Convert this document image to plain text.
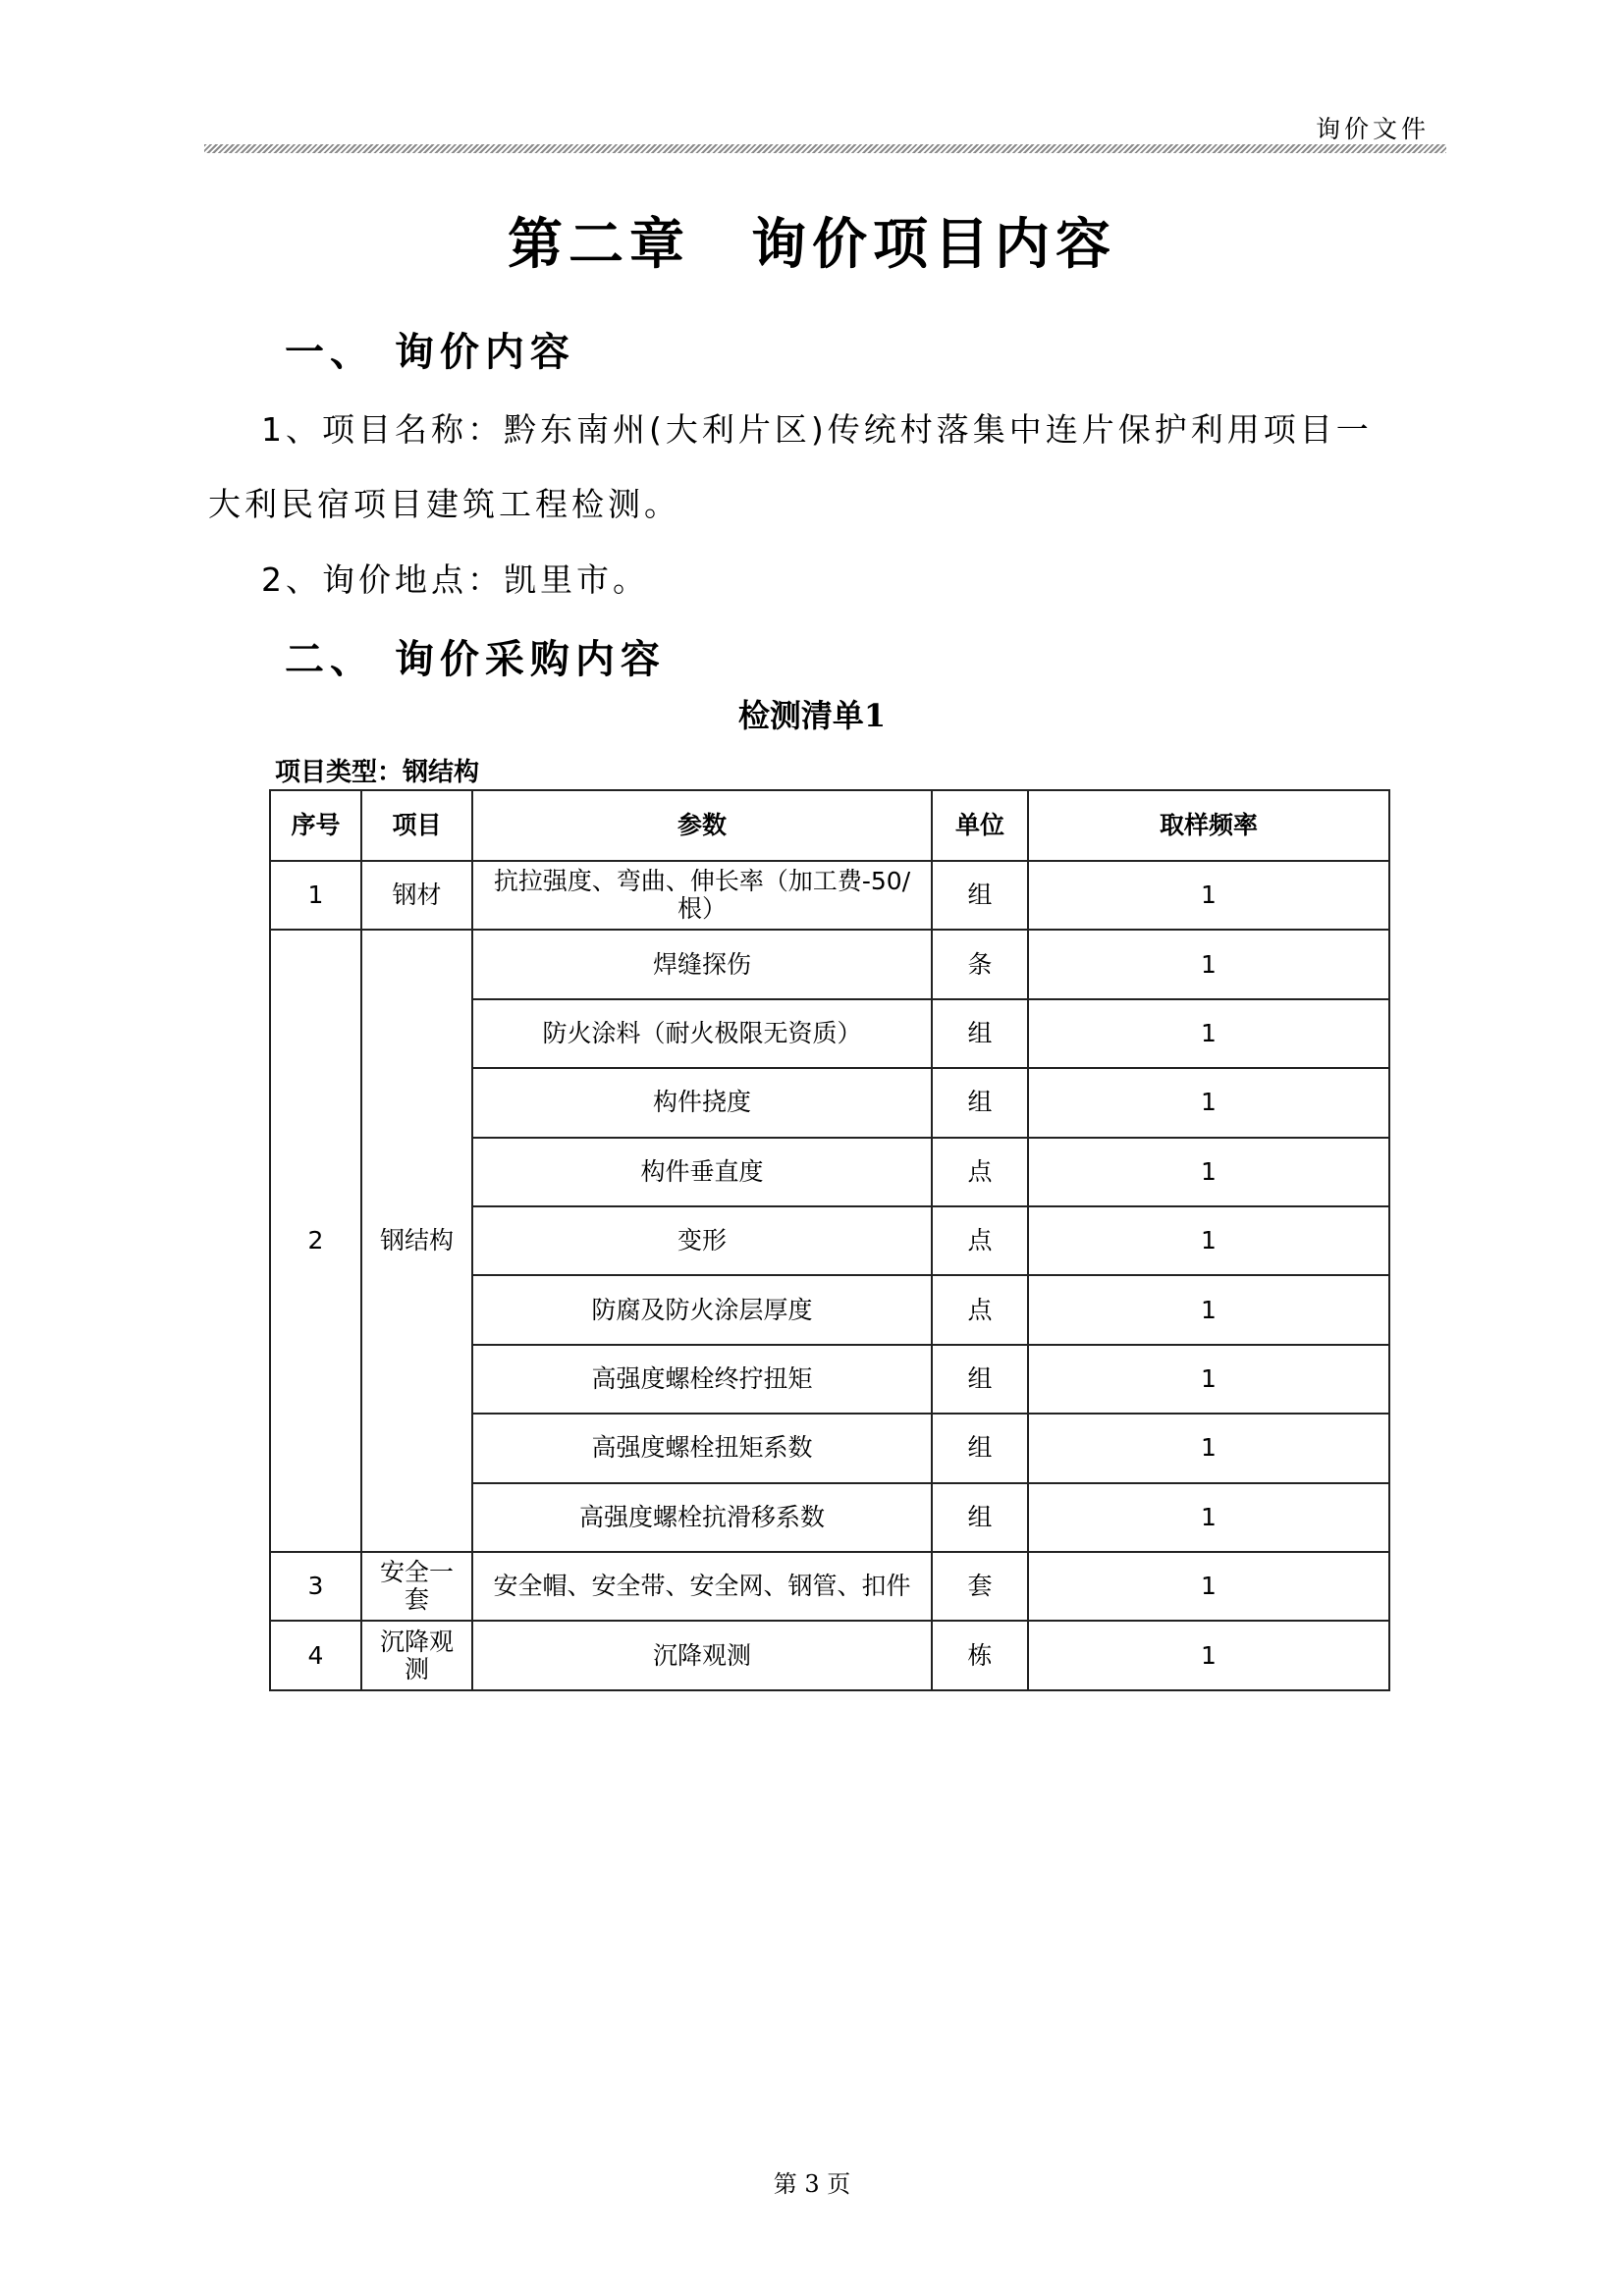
询价文件
第二章　询价项目内容
一、 询价内容
1、项目名称：黔东南州(大利片区)传统村落集中连片保护利用项目一
大利民宿项目建筑工程检测。
2、询价地点：凯里市。
二、 询价采购内容
检测清单1
项目类型：钢结构
序号	项目	参数	单位	取样频率
1	钢材	抗拉强度、弯曲、伸长率（加工费-50/根）	组	1
2	钢结构	焊缝探伤	条	1
		防火涂料（耐火极限无资质）	组	1
		构件挠度	组	1
		构件垂直度	点	1
		变形	点	1
		防腐及防火涂层厚度	点	1
		高强度螺栓终拧扭矩	组	1
		高强度螺栓扭矩系数	组	1
		高强度螺栓抗滑移系数	组	1
3	安全一套	安全帽、安全带、安全网、钢管、扣件	套	1
4	沉降观测	沉降观测	栋	1
第 3 页
